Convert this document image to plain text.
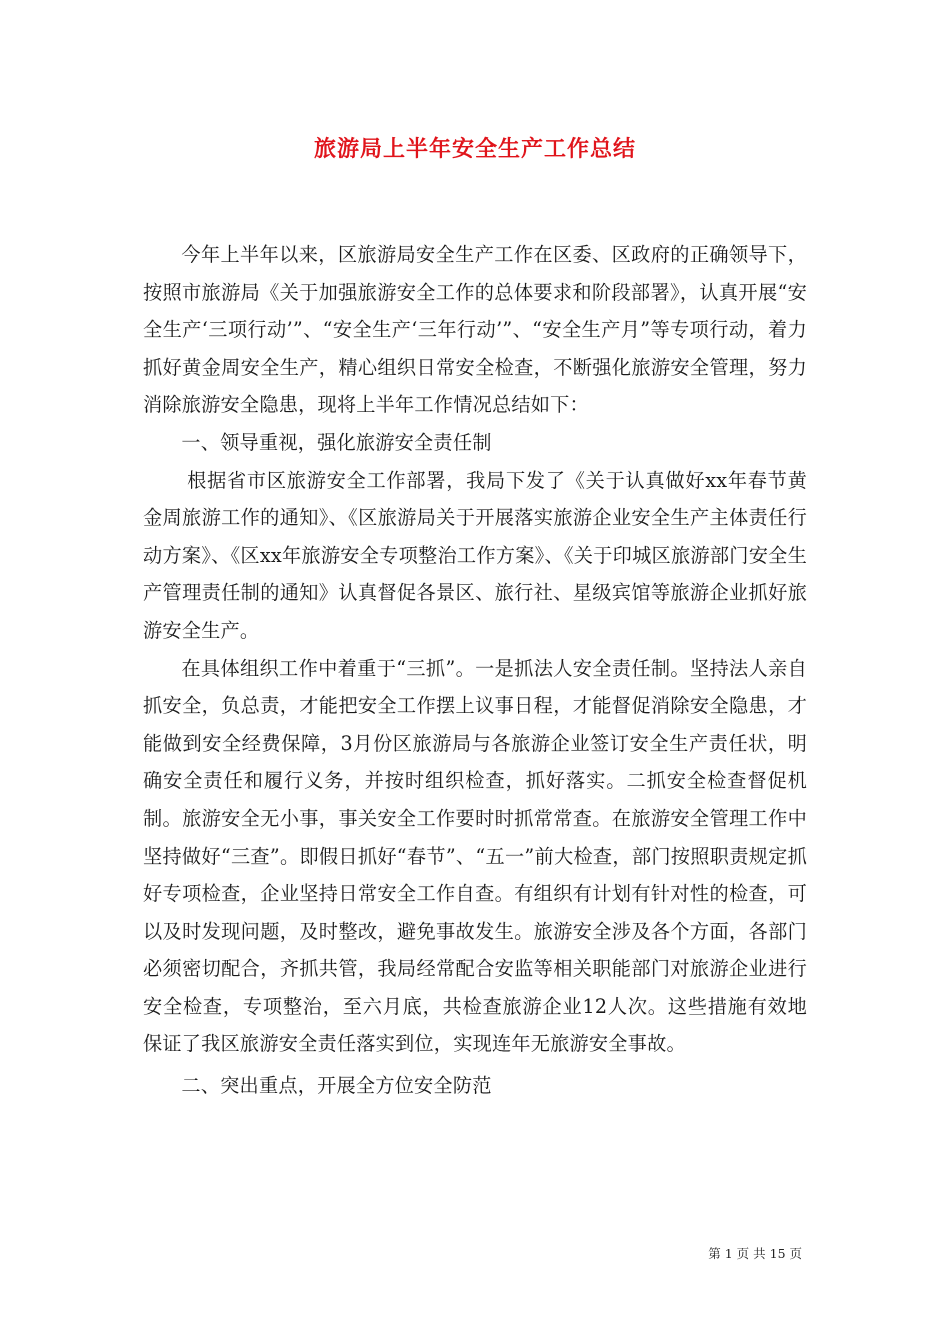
旅游局上半年安全生产工作总结

今年上半年以来，区旅游局安全生产工作在区委、区政府的正确领导下，按照市旅游局《关于加强旅游安全工作的总体要求和阶段部署》，认真开展“安全生产‘三项行动’”、“安全生产‘三年行动’”、“安全生产月”等专项行动，着力抓好黄金周安全生产，精心组织日常安全检查，不断强化旅游安全管理，努力消除旅游安全隐患，现将上半年工作情况总结如下：

一、领导重视，强化旅游安全责任制

根据省市区旅游安全工作部署，我局下发了《关于认真做好xx年春节黄金周旅游工作的通知》、《区旅游局关于开展落实旅游企业安全生产主体责任行动方案》、《区xx年旅游安全专项整治工作方案》、《关于印城区旅游部门安全生产管理责任制的通知》认真督促各景区、旅行社、星级宾馆等旅游企业抓好旅游安全生产。

在具体组织工作中着重于“三抓”。一是抓法人安全责任制。坚持法人亲自抓安全，负总责，才能把安全工作摆上议事日程，才能督促消除安全隐患，才能做到安全经费保障，3月份区旅游局与各旅游企业签订安全生产责任状，明确安全责任和履行义务，并按时组织检查，抓好落实。二抓安全检查督促机制。旅游安全无小事，事关安全工作要时时抓常常查。在旅游安全管理工作中坚持做好“三查”。即假日抓好“春节”、“五一”前大检查，部门按照职责规定抓好专项检查，企业坚持日常安全工作自查。有组织有计划有针对性的检查，可以及时发现问题，及时整改，避免事故发生。旅游安全涉及各个方面，各部门必须密切配合，齐抓共管，我局经常配合安监等相关职能部门对旅游企业进行安全检查，专项整治，至六月底，共检查旅游企业12人次。这些措施有效地保证了我区旅游安全责任落实到位，实现连年无旅游安全事故。

二、突出重点，开展全方位安全防范

第 1 页 共 15 页
